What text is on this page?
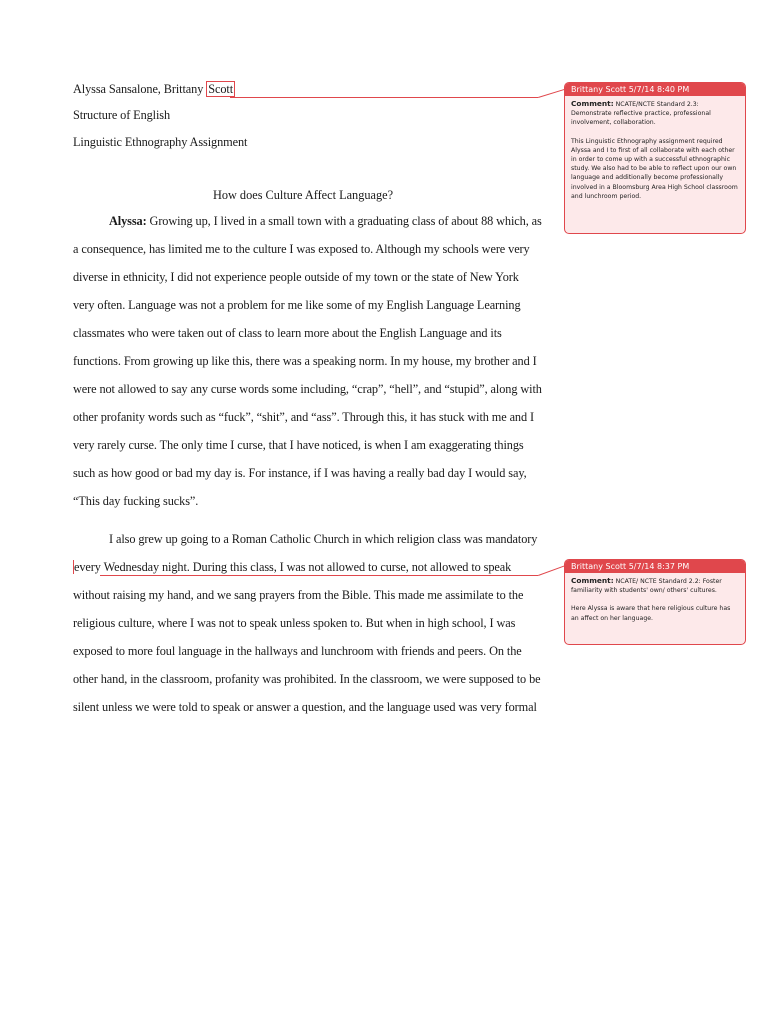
Alyssa Sansalone, Brittany Scott
Structure of English
Linguistic Ethnography Assignment
How does Culture Affect Language?
Alyssa: Growing up, I lived in a small town with a graduating class of about 88 which, as
a consequence, has limited me to the culture I was exposed to. Although my schools were very
diverse in ethnicity, I did not experience people outside of my town or the state of New York
very often. Language was not a problem for me like some of my English Language Learning
classmates who were taken out of class to learn more about the English Language and its
functions. From growing up like this, there was a speaking norm. In my house, my brother and I
were not allowed to say any curse words some including, “crap”, “hell”, and “stupid”, along with
other profanity words such as “fuck”, “shit”, and “ass”. Through this, it has stuck with me and I
very rarely curse. The only time I curse, that I have noticed, is when I am exaggerating things
such as how good or bad my day is. For instance, if I was having a really bad day I would say,
“This day fucking sucks”.
I also grew up going to a Roman Catholic Church in which religion class was mandatory
every Wednesday night. During this class, I was not allowed to curse, not allowed to speak
without raising my hand, and we sang prayers from the Bible. This made me assimilate to the
religious culture, where I was not to speak unless spoken to. But when in high school, I was
exposed to more foul language in the hallways and lunchroom with friends and peers. On the
other hand, in the classroom, profanity was prohibited. In the classroom, we were supposed to be
silent unless we were told to speak or answer a question, and the language used was very formal
Brittany Scott 5/7/14 8:40 PM

Comment: NCATE/NCTE Standard 2.3: Demonstrate reflective practice, professional involvement, collaboration.

This Linguistic Ethnography assignment required Alyssa and I to first of all collaborate with each other in order to come up with a successful ethnographic study. We also had to be able to reflect upon our own language and additionally become professionally involved in a Bloomsburg Area High School classroom and lunchroom period.

Brittany Scott 5/7/14 8:37 PM

Comment: NCATE/ NCTE Standard 2.2: Foster familiarity with students' own/ others' cultures.

Here Alyssa is aware that here religious culture has an affect on her language.
